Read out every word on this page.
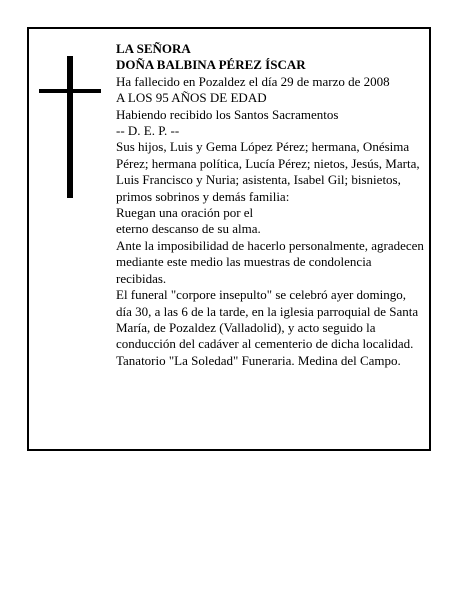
LA SEÑORA

DOÑA BALBINA PÉREZ ÍSCAR

Ha fallecido en Pozaldez el día 29 de marzo de 2008

A LOS 95 AÑOS DE EDAD

Habiendo recibido los Santos Sacramentos

-- D. E. P. --

Sus hijos, Luis y Gema López Pérez; hermana, Onésima Pérez; hermana política, Lucía Pérez; nietos, Jesús, Marta, Luis Francisco y Nuria; asistenta, Isabel Gil; bisnietos, primos sobrinos y demás familia:

Ruegan una oración por el

eterno descanso de su alma.

Ante la imposibilidad de hacerlo personalmente, agradecen mediante este medio las muestras de condolencia recibidas.

El funeral "corpore insepulto" se celebró ayer domingo, día 30, a las 6 de la tarde, en la iglesia parroquial de Santa María, de Pozaldez (Valladolid), y acto seguido la conducción del cadáver al cementerio de dicha localidad.

Tanatorio "La Soledad" Funeraria. Medina del Campo.
